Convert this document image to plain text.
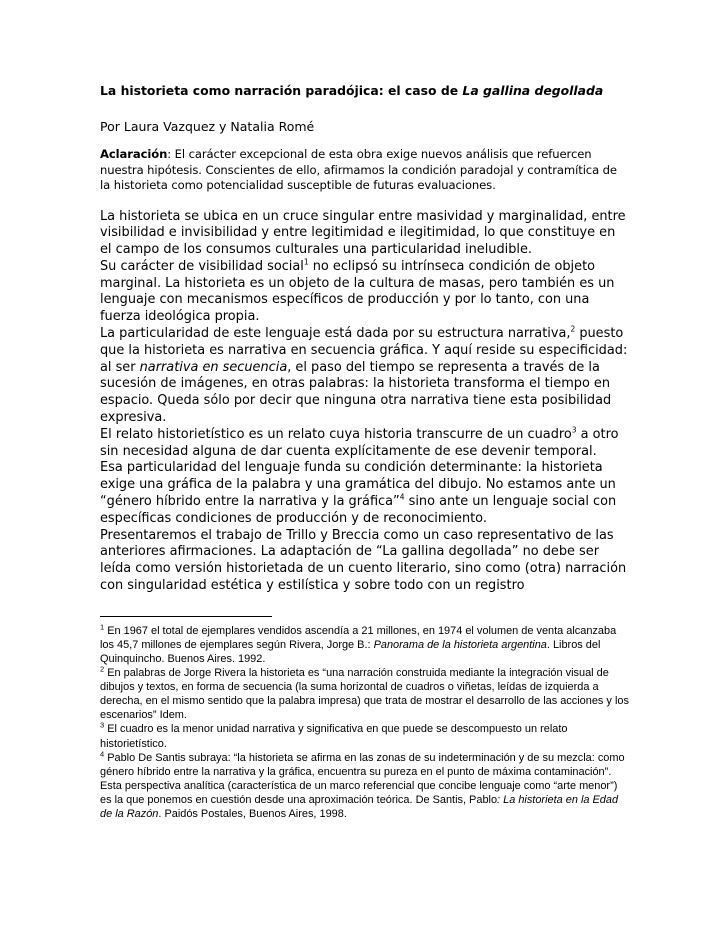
La historieta como narración paradójica: el caso de La gallina degollada
Por Laura Vazquez y Natalia Romé
Aclaración: El carácter excepcional de esta obra exige nuevos análisis que refuercen nuestra hipótesis. Conscientes de ello, afirmamos la condición paradojal y contramítica de la historieta como potencialidad susceptible de futuras evaluaciones.

La historieta se ubica en un cruce singular entre masividad y marginalidad, entre visibilidad e invisibilidad y entre legitimidad e ilegitimidad, lo que constituye en el campo de los consumos culturales una particularidad ineludible.

Su carácter de visibilidad social$^1$ no eclipsó su intrínseca condición de objeto marginal. La historieta es un objeto de la cultura de masas, pero también es un lenguaje con mecanismos específicos de producción y por lo tanto, con una fuerza ideológica propia.

La particularidad de este lenguaje está dada por su estructura narrativa,$^2$ puesto que la historieta es narrativa en secuencia gráfica. Y aquí reside su especificidad: al ser narrativa en secuencia, el paso del tiempo se representa a través de la sucesión de imágenes, en otras palabras: la historieta transforma el tiempo en espacio. Queda sólo por decir que ninguna otra narrativa tiene esta posibilidad expresiva.

El relato historietístico es un relato cuya historia transcurre de un cuadro$^3$ a otro sin necesidad alguna de dar cuenta explícitamente de ese devenir temporal.

Esa particularidad del lenguaje funda su condición determinante: la historieta exige una gráfica de la palabra y una gramática del dibujo. No estamos ante un “género híbrido entre la narrativa y la gráfica”$^4$ sino ante un lenguaje social con específicas condiciones de producción y de reconocimiento.

Presentaremos el trabajo de Trillo y Breccia como un caso representativo de las anteriores afirmaciones. La adaptación de “La gallina degollada” no debe ser leída como versión historietada de un cuento literario, sino como (otra) narración con singularidad estética y estilística y sobre todo con un registro

$^1$ En 1967 el total de ejemplares vendidos ascendía a 21 millones, en 1974 el volumen de venta alcanzaba los 45,7 millones de ejemplares según Rivera, Jorge B.: Panorama de la historieta argentina. Libros del Quinquincho. Buenos Aires. 1992.

$^2$ En palabras de Jorge Rivera la historieta es “una narración construida mediante la integración visual de dibujos y textos, en forma de secuencia (la suma horizontal de cuadros o viñetas, leídas de izquierda a derecha, en el mismo sentido que la palabra impresa) que trata de mostrar el desarrollo de las acciones y los escenarios” Idem.

$^3$ El cuadro es la menor unidad narrativa y significativa en que puede se descompuesto un relato historietístico.

$^4$ Pablo De Santis subraya: “la historieta se afirma en las zonas de su indeterminación y de su mezcla: como género híbrido entre la narrativa y la gráfica, encuentra su pureza en el punto de máxima contaminación”. Esta perspectiva analítica (característica de un marco referencial que concibe lenguaje como “arte menor”) es la que ponemos en cuestión desde una aproximación teórica. De Santis, Pablo: La historieta en la Edad de la Razón. Paidós Postales, Buenos Aires, 1998.
